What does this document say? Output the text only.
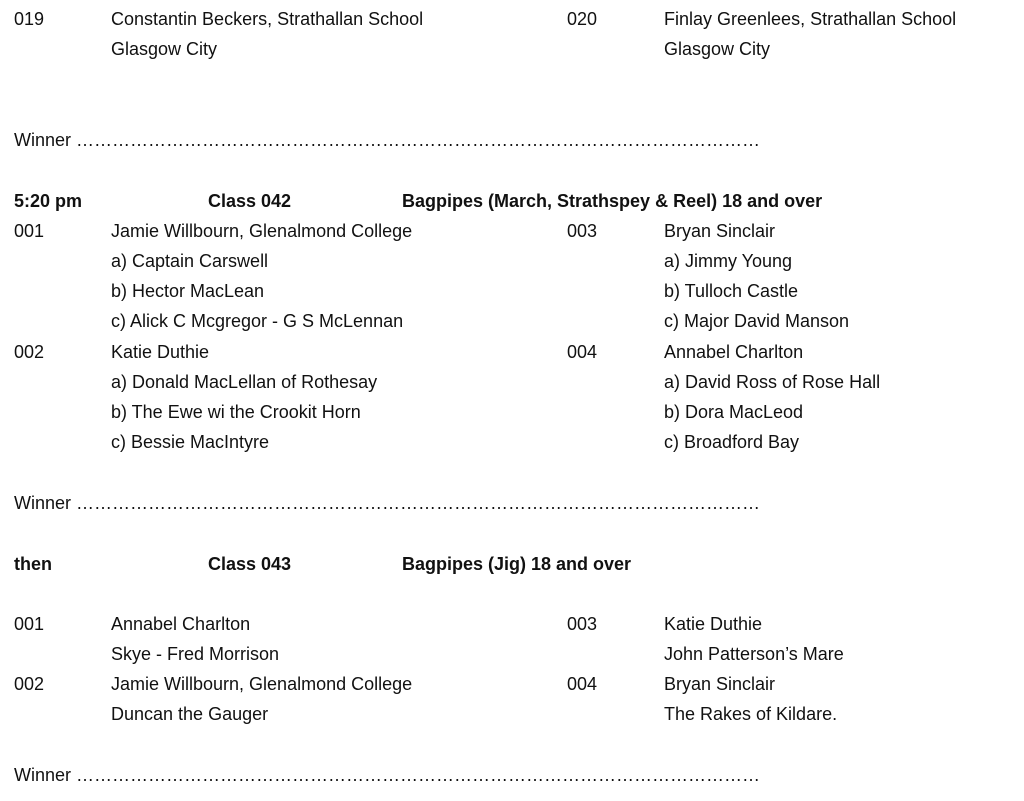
019	Constantin Beckers, Strathallan School
Glasgow City
020	Finlay Greenlees, Strathallan School
Glasgow City
Winner ……………………………………………………………………………………………………
5:20 pm	Class 042	Bagpipes (March, Strathspey & Reel) 18 and over
001	Jamie Willbourn, Glenalmond College
a) Captain Carswell
b) Hector MacLean
c) Alick C Mcgregor - G S McLennan
002	Katie Duthie
a) Donald MacLellan of Rothesay
b) The Ewe wi the Crookit Horn
c) Bessie MacIntyre
003	Bryan Sinclair
a) Jimmy Young
b) Tulloch Castle
c) Major David Manson
004	Annabel Charlton
a) David Ross of Rose Hall
b) Dora MacLeod
c) Broadford Bay
Winner ……………………………………………………………………………………………………
then	Class 043	Bagpipes (Jig) 18 and over
001	Annabel Charlton
Skye - Fred Morrison
002	Jamie Willbourn, Glenalmond College
Duncan the Gauger
003	Katie Duthie
John Patterson’s Mare
004	Bryan Sinclair
The Rakes of Kildare.
Winner ……………………………………………………………………………………………………
